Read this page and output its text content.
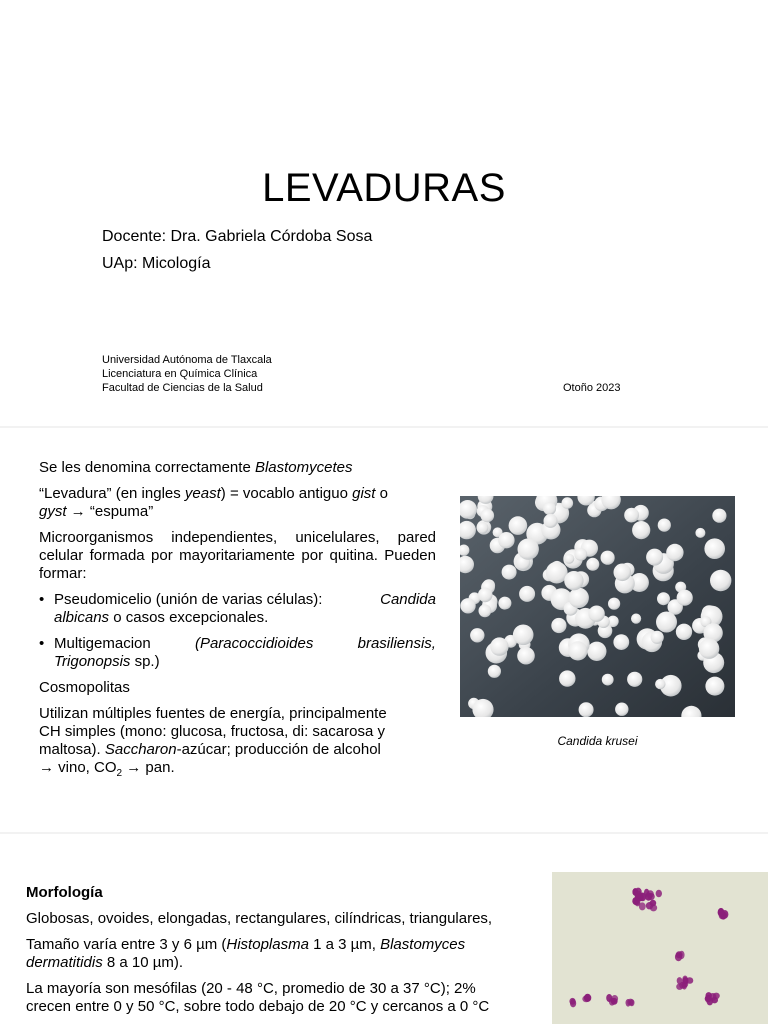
LEVADURAS
Docente: Dra. Gabriela Córdoba Sosa
UAp: Micología
Universidad Autónoma de Tlaxcala
Licenciatura en Química Clínica
Facultad de Ciencias de la Salud	Otoño 2023

Se les denomina correctamente Blastomycetes

“Levadura” (en ingles yeast) = vocablo antiguo gist o
gyst → “espuma”

Microorganismos independientes, unicelulares, pared celular formada por mayoritariamente por quitina. Pueden formar:

• Pseudomicelio (unión de varias células):	Candida
albicans o casos excepcionales.

• Multigemacion	(Paracoccidioides	brasiliensis,
Trigonopsis sp.)

Cosmopolitas

Utilizan múltiples fuentes de energía, principalmente
CH simples (mono: glucosa, fructosa, di: sacarosa y
maltosa). Saccharon-azúcar; producción de alcohol
→ vino, $CO_2$ → pan.

Candida krusei

Morfología

Globosas, ovoides, elongadas, rectangulares, cilíndricas, triangulares,

Tamaño varía entre 3 y 6 µm (Histoplasma 1 a 3 µm, Blastomyces
dermatitidis 8 a 10 µm).

La mayoría son mesófilas (20 - 48 °C, promedio de 30 a 37 °C); 2%
crecen entre 0 y 50 °C, sobre todo debajo de 20 °C y cercanos a 0 °C
